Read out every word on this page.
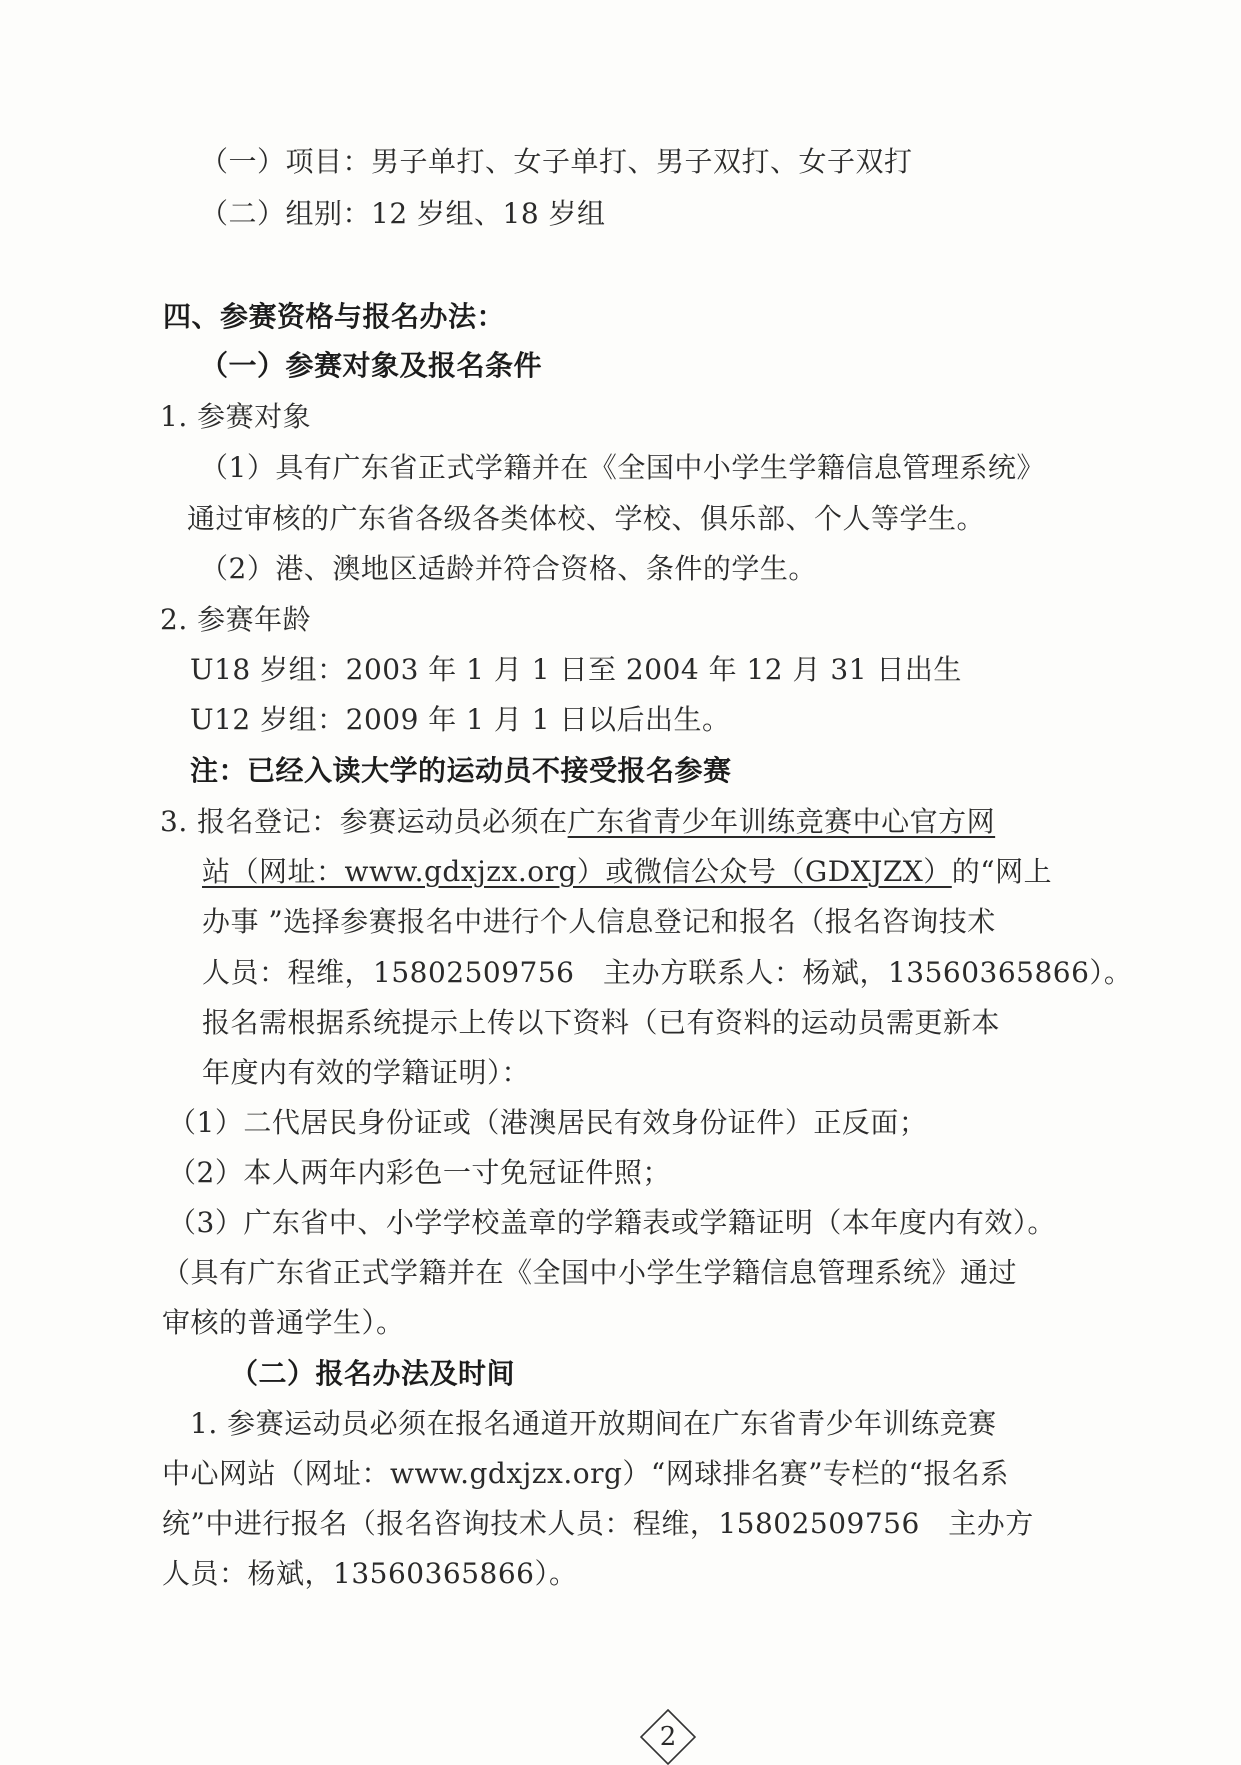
（一）项目：男子单打、女子单打、男子双打、女子双打
（二）组别：12 岁组、18 岁组
四、参赛资格与报名办法：
（一）参赛对象及报名条件
1. 参赛对象
（1）具有广东省正式学籍并在《全国中小学生学籍信息管理系统》
通过审核的广东省各级各类体校、学校、俱乐部、个人等学生。
（2）港、澳地区适龄并符合资格、条件的学生。
2. 参赛年龄
U18 岁组：2003 年 1 月 1 日至 2004 年 12 月 31 日出生
U12 岁组：2009 年 1 月 1 日以后出生。
注：已经入读大学的运动员不接受报名参赛
3. 报名登记：参赛运动员必须在广东省青少年训练竞赛中心官方网
站（网址：www.gdxjzx.org）或微信公众号（GDXJZX）的“网上
办事 ”选择参赛报名中进行个人信息登记和报名（报名咨询技术
人员：程维，15802509756　主办方联系人：杨斌，13560365866）。
报名需根据系统提示上传以下资料（已有资料的运动员需更新本
年度内有效的学籍证明）：
（1）二代居民身份证或（港澳居民有效身份证件）正反面；
（2）本人两年内彩色一寸免冠证件照；
（3）广东省中、小学学校盖章的学籍表或学籍证明（本年度内有效）。
（具有广东省正式学籍并在《全国中小学生学籍信息管理系统》通过
审核的普通学生）。
（二）报名办法及时间
1. 参赛运动员必须在报名通道开放期间在广东省青少年训练竞赛
中心网站（网址：www.gdxjzx.org）“网球排名赛”专栏的“报名系
统”中进行报名（报名咨询技术人员：程维，15802509756　主办方
人员：杨斌，13560365866）。
2
